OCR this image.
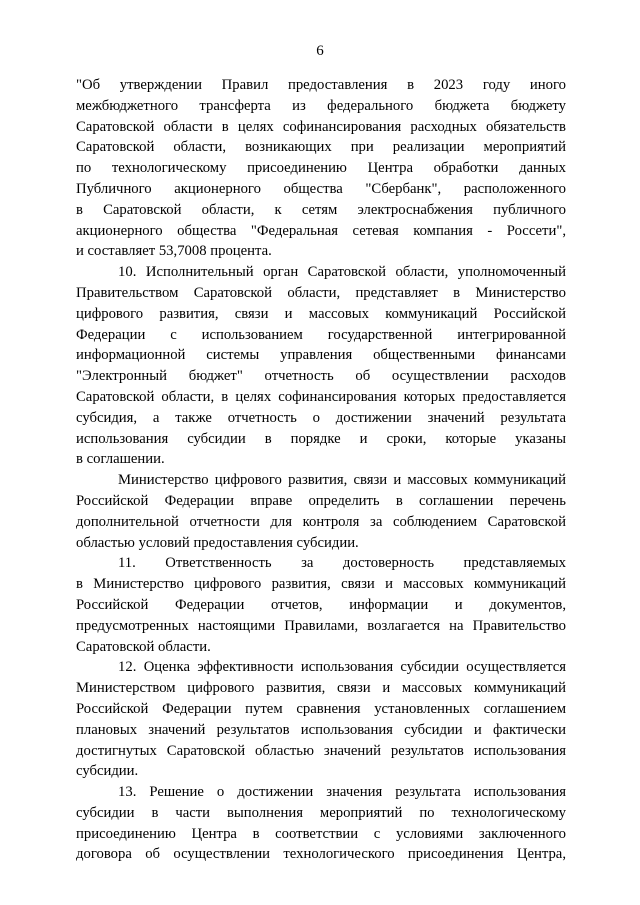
6
"Об утверждении Правил предоставления в 2023 году иного
межбюджетного трансферта из федерального бюджета бюджету
Саратовской области в целях софинансирования расходных обязательств
Саратовской области, возникающих при реализации мероприятий
по технологическому присоединению Центра обработки данных
Публичного акционерного общества "Сбербанк", расположенного
в Саратовской области, к сетям электроснабжения публичного
акционерного общества "Федеральная сетевая компания - Россети",
и составляет 53,7008 процента.
10. Исполнительный орган Саратовской области, уполномоченный
Правительством Саратовской области, представляет в Министерство
цифрового развития, связи и массовых коммуникаций Российской
Федерации с использованием государственной интегрированной
информационной системы управления общественными финансами
"Электронный бюджет" отчетность об осуществлении расходов
Саратовской области, в целях софинансирования которых предоставляется
субсидия, а также отчетность о достижении значений результата
использования субсидии в порядке и сроки, которые указаны
в соглашении.
Министерство цифрового развития, связи и массовых коммуникаций
Российской Федерации вправе определить в соглашении перечень
дополнительной отчетности для контроля за соблюдением Саратовской
областью условий предоставления субсидии.
11. Ответственность за достоверность представляемых
в Министерство цифрового развития, связи и массовых коммуникаций
Российской Федерации отчетов, информации и документов,
предусмотренных настоящими Правилами, возлагается на Правительство
Саратовской области.
12. Оценка эффективности использования субсидии осуществляется
Министерством цифрового развития, связи и массовых коммуникаций
Российской Федерации путем сравнения установленных соглашением
плановых значений результатов использования субсидии и фактически
достигнутых Саратовской областью значений результатов использования
субсидии.
13. Решение о достижении значения результата использования
субсидии в части выполнения мероприятий по технологическому
присоединению Центра в соответствии с условиями заключенного
договора об осуществлении технологического присоединения Центра,
